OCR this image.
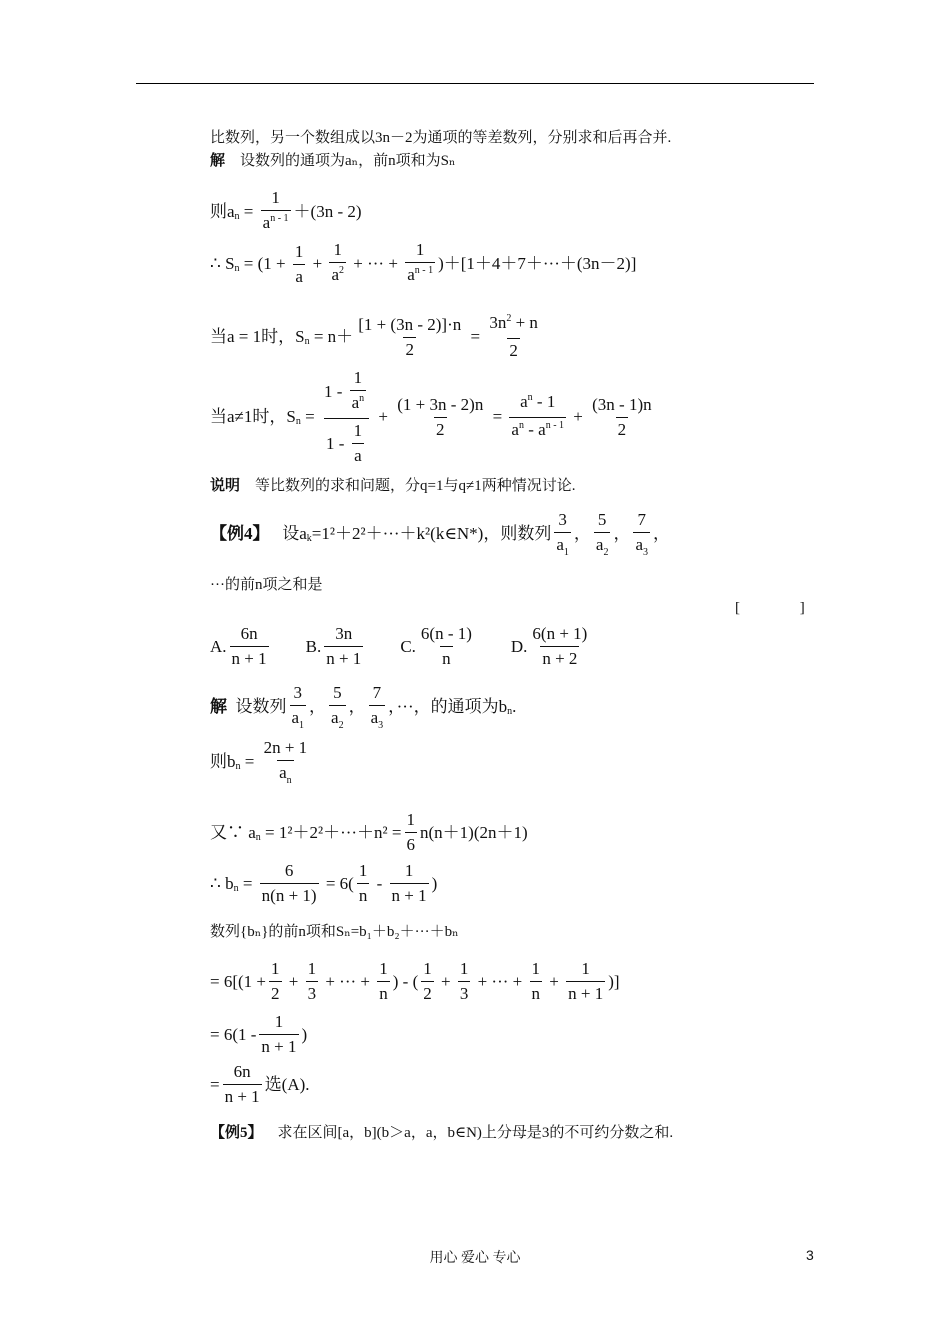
比数列，另一个数组成以3n－2为通项的等差数列，分别求和后再合并.
解 设数列的通项为aₙ，前n项和为Sₙ
则a $n = \frac{1}{a^{n - 1}} +(3n - 2)$
∴ S $n = (1 + \frac{1}{a} + \frac{1}{a^2}$ + ··· + $\frac{1}{a^{n - 1}} )+[1+4+7+\cdot\cdot\cdot+(3n-2)]$
当a = 1时，S $n = n+ \frac{[1 + (3n - 2)]\cdot n}{2} = \frac{3n^2 + n}{2}$
当a≠1时，S $n = \frac{1 - \frac{1}{a^n}}{1 - \frac{1}{a}} + \frac{(1 + 3n - 2)n}{2} = \frac{a^n - 1}{a^n - a^{n - 1}} + \frac{(3n - 1)n}{2}$
说明 等比数列的求和问题，分q=1与q≠1两种情况讨论.
【例4】
设a k =1²＋2²＋···＋k²(k∈N*)，则数列 $\frac{3}{a_1}$ ， $\frac{5}{a_2}$ ， $\frac{7}{a_3}$ ，
···的前n项之和是
[ ]
A. $\frac{6n}{n + 1} B$. $\frac{3n}{n + 1} C$. $\frac{6(n - 1)}{n} D$. $\frac{6(n + 1)}{n + 2}$
解
设数列 $\frac{3}{a_1}$ ， $\frac{5}{a_2}$ ， $\frac{7}{a_3}$ ，···，的通项为b n .
则b $n = \frac{2n + 1}{a_n}$
又∵ a $n = 1^2+2^2+\cdot\cdot\cdot+n^2 = \frac{1}{6} n(n+1)(2n+1)$
∴ b $n = \frac{6}{n(n + 1)} = 6( \frac{1}{n} - \frac{1}{n + 1}$ )
数列{bₙ}的前n项和Sₙ=b₁＋b₂＋···＋bₙ
= $6[(1 + \frac{1}{2} + \frac{1}{3}$ + ··· + $\frac{1}{n}$ ) - ( $\frac{1}{2} + \frac{1}{3}$ + ··· + $\frac{1}{n} + \frac{1}{n + 1}$ )]
= $6(1 - \frac{1}{n + 1}$ )
= $\frac{6n}{n + 1}$ 选(A).
【例5】 求在区间[a，b](b＞a，a，b∈N)上分母是3的不可约分数之和.
用心 爱心 专心	3
